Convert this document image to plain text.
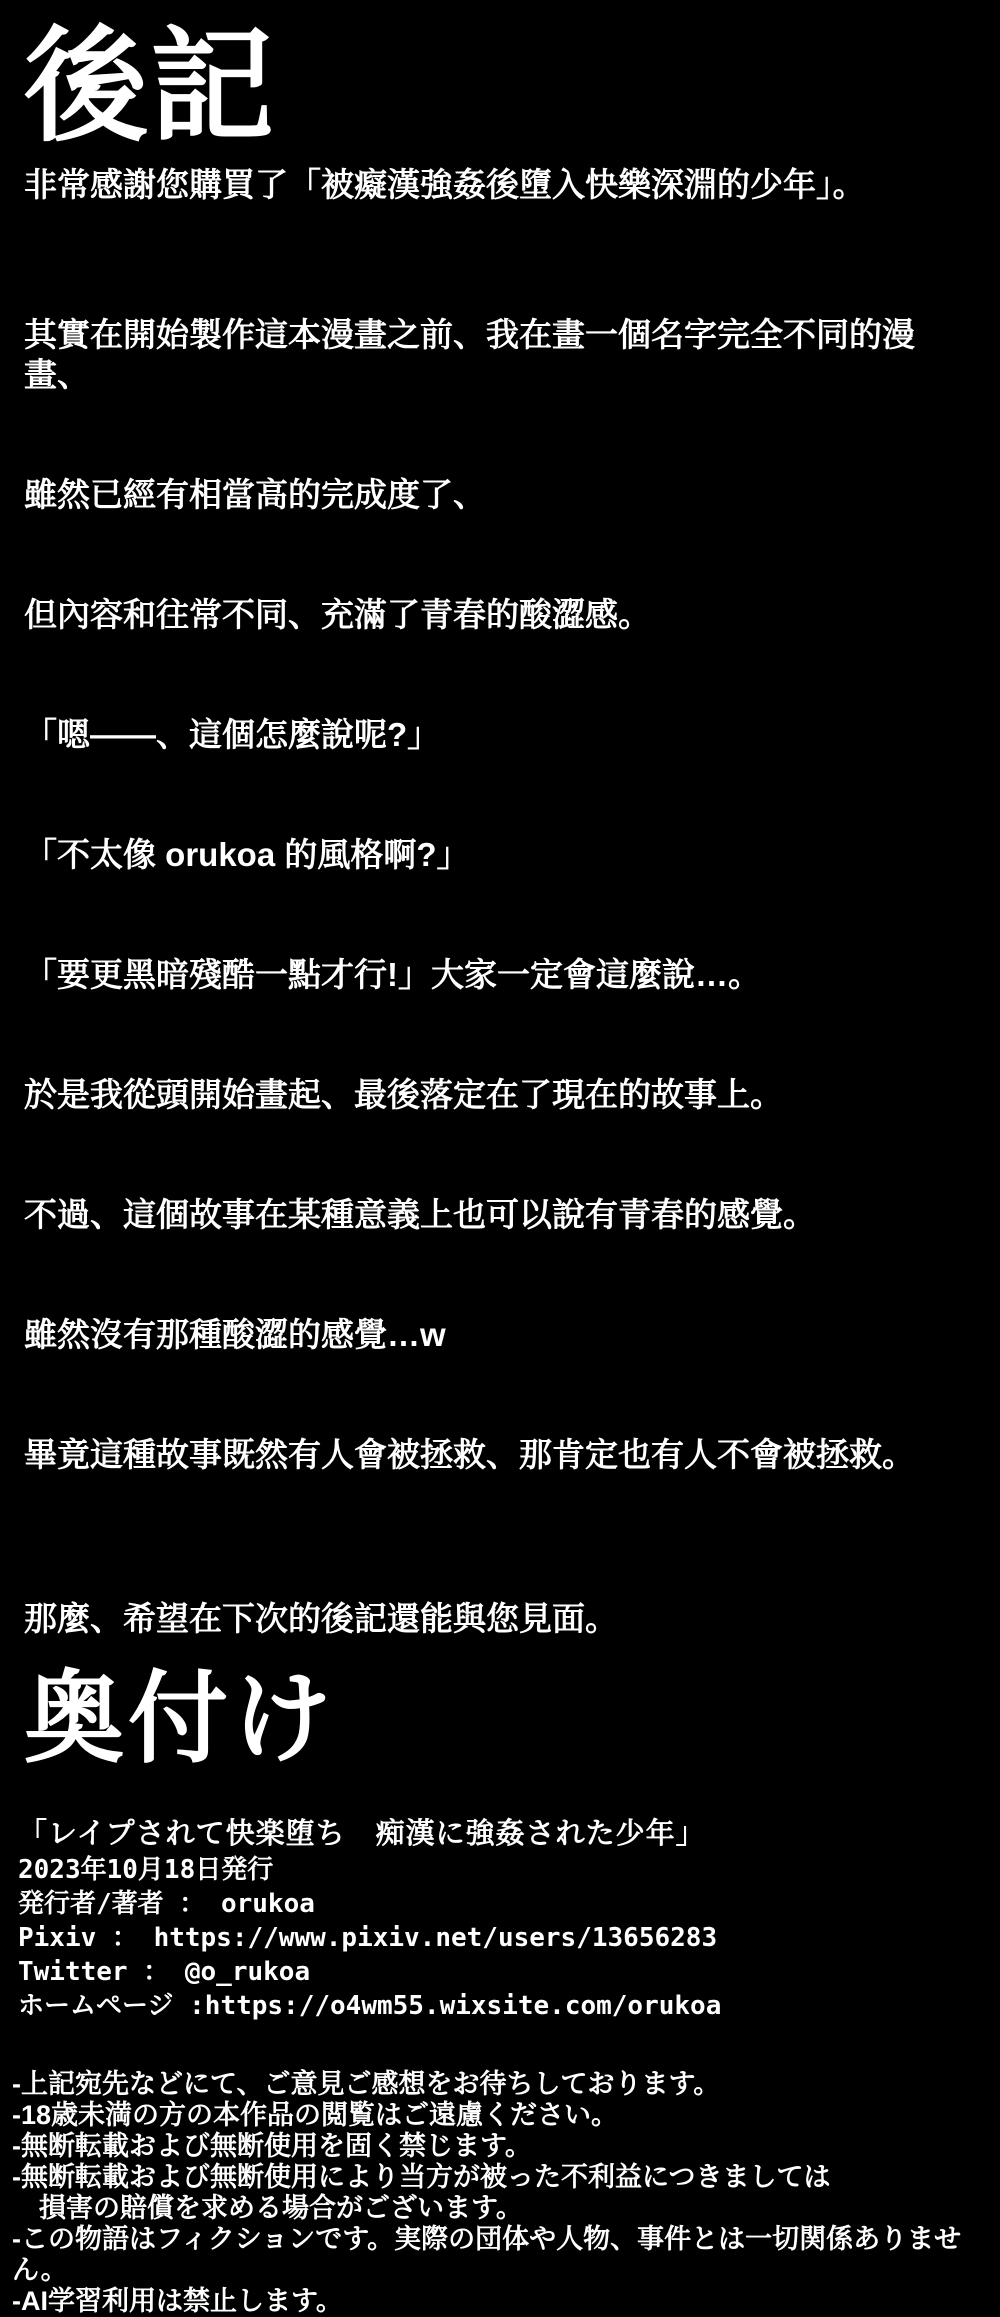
後記
非常感謝您購買了「被癡漢強姦後墮入快樂深淵的少年」。

其實在開始製作這本漫畫之前、我在畫一個名字完全不同的漫畫、

雖然已經有相當高的完成度了、

但內容和往常不同、充滿了青春的酸澀感。

「嗯——、這個怎麼說呢?」

「不太像 orukoa 的風格啊?」

「要更黑暗殘酷一點才行!」大家一定會這麼說…。

於是我從頭開始畫起、最後落定在了現在的故事上。

不過、這個故事在某種意義上也可以說有青春的感覺。

雖然沒有那種酸澀的感覺…w

畢竟這種故事既然有人會被拯救、那肯定也有人不會被拯救。

那麼、希望在下次的後記還能與您見面。
奥付け
「レイプされて快楽堕ち　痴漢に強姦された少年」
2023年10月18日発行
発行者/著者 ： orukoa
Pixiv ： https://www.pixiv.net/users/13656283
Twitter ： @o_rukoa
ホームページ :https://o4wm55.wixsite.com/orukoa
-上記宛先などにて、ご意見ご感想をお待ちしております。
-18歳未満の方の本作品の閲覧はご遠慮ください。
-無断転載および無断使用を固く禁じます。
-無断転載および無断使用により当方が被った不利益につきましては
　損害の賠償を求める場合がございます。
-この物語はフィクションです。実際の団体や人物、事件とは一切関係ありません。
-AI学習利用は禁止します。
